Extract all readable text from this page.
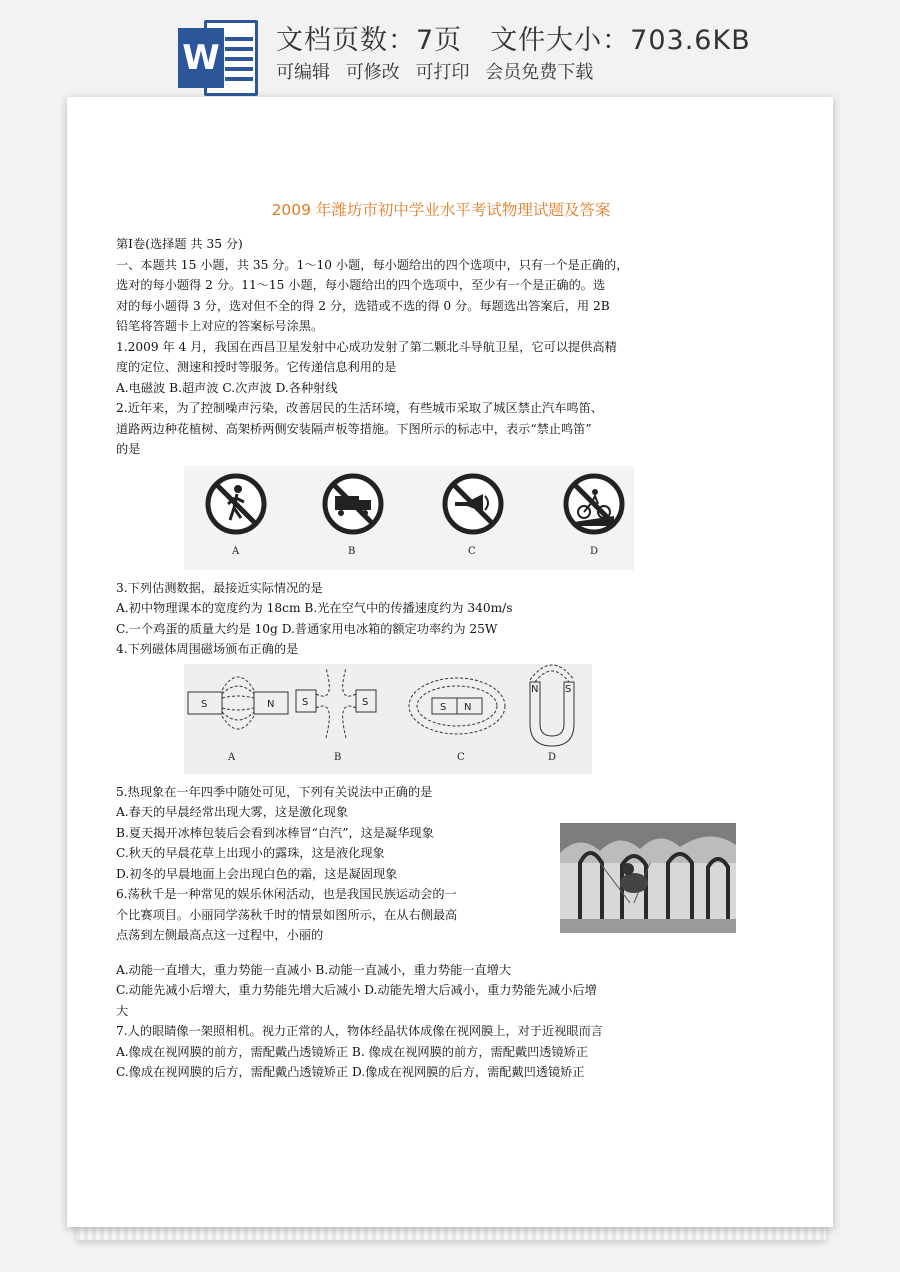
W 文档页数：7页 文件大小：703.6KB
可编辑 可修改 可打印 会员免费下载
2009 年潍坊市初中学业水平考试物理试题及答案
第Ⅰ卷(选择题 共 35 分)
一、本题共 15 小题，共 35 分。1～10 小题，每小题给出的四个选项中，只有一个是正确的，
选对的每小题得 2 分。11～15 小题，每小题给出的四个选项中，至少有一个是正确的。选
对的每小题得 3 分，选对但不全的得 2 分，选错或不选的得 0 分。每题选出答案后，用 2B
铅笔将答题卡上对应的答案标号涂黑。
1.2009 年 4 月，我国在西昌卫星发射中心成功发射了第二颗北斗导航卫星，它可以提供高精
度的定位、测速和授时等服务。它传递信息利用的是
A.电磁波 B.超声波 C.次声波 D.各种射线
2.近年来，为了控制噪声污染，改善居民的生活环境，有些城市采取了城区禁止汽车鸣笛、
道路两边种花植树、高架桥两侧安装隔声板等措施。下图所示的标志中，表示“禁止鸣笛”
的是
A	B	C	D
3.下列估测数据，最接近实际情况的是
A.初中物理课本的宽度约为 18cm B.光在空气中的传播速度约为 340m/s
C.一个鸡蛋的质量大约是 10g D.普通家用电冰箱的额定功率约为 25W
4.下列磁体周围磁场颁布正确的是
S	N	S	S	S N
N	S
A	B	C	D
5.热现象在一年四季中随处可见，下列有关说法中正确的是
A.春天的早晨经常出现大雾，这是激化现象
B.夏天揭开冰棒包装后会看到冰棒冒“白汽”，这是凝华现象
C.秋天的早晨花草上出现小的露珠，这是液化现象
D.初冬的早晨地面上会出现白色的霜，这是凝固现象
6.荡秋千是一种常见的娱乐休闲活动，也是我国民族运动会的一
个比赛项目。小丽同学荡秋千时的情景如图所示，在从右侧最高
点荡到左侧最高点这一过程中，小丽的
A.动能一直增大，重力势能一直减小 B.动能一直减小，重力势能一直增大
C.动能先减小后增大，重力势能先增大后减小 D.动能先增大后减小，重力势能先减小后增
大
7.人的眼睛像一架照相机。视力正常的人，物体经晶状体成像在视网膜上，对于近视眼而言
A.像成在视网膜的前方，需配戴凸透镜矫正 B. 像成在视网膜的前方，需配戴凹透镜矫正
C.像成在视网膜的后方，需配戴凸透镜矫正 D.像成在视网膜的后方，需配戴凹透镜矫正
